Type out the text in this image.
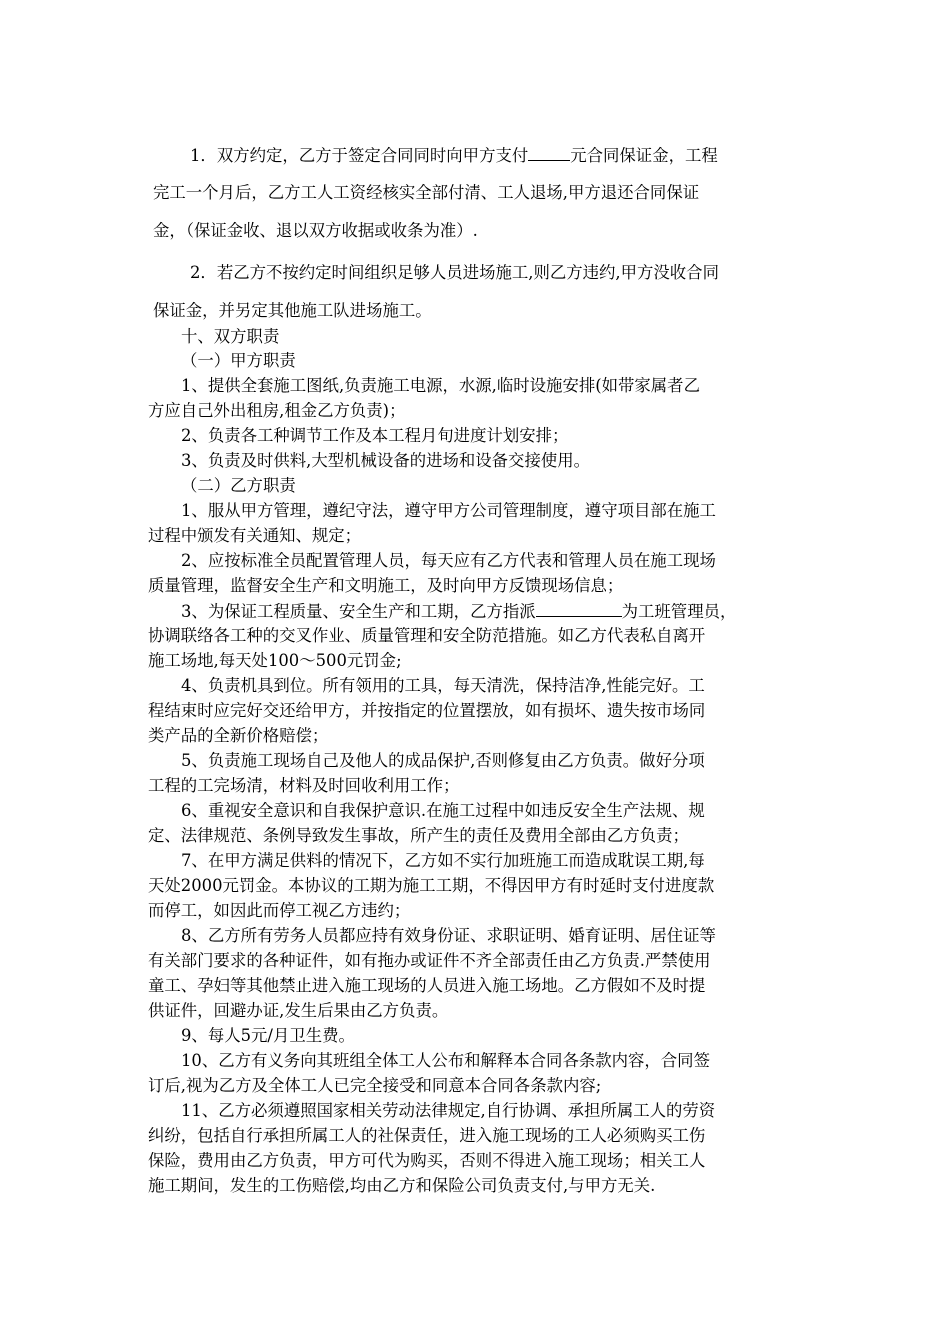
1．双方约定，乙方于签定合同同时向甲方支付	元合同保证金，工程
完工一个月后，乙方工人工资经核实全部付清、工人退场,甲方退还合同保证
金，（保证金收、退以双方收据或收条为准）.
2．若乙方不按约定时间组织足够人员进场施工,则乙方违约,甲方没收合同
保证金，并另定其他施工队进场施工。
十、双方职责
（一）甲方职责
1、提供全套施工图纸,负责施工电源，水源,临时设施安排(如带家属者乙
方应自己外出租房,租金乙方负责)；
2、负责各工种调节工作及本工程月旬进度计划安排；
3、负责及时供料,大型机械设备的进场和设备交接使用。
（二）乙方职责
1、服从甲方管理，遵纪守法，遵守甲方公司管理制度，遵守项目部在施工
过程中颁发有关通知、规定；
2、应按标准全员配置管理人员，每天应有乙方代表和管理人员在施工现场
质量管理，监督安全生产和文明施工，及时向甲方反馈现场信息；
3、为保证工程质量、安全生产和工期，乙方指派	为工班管理员，
协调联络各工种的交叉作业、质量管理和安全防范措施。如乙方代表私自离开
施工场地,每天处100～500元罚金;
4、负责机具到位。所有领用的工具，每天清洗，保持洁净,性能完好。工
程结束时应完好交还给甲方，并按指定的位置摆放，如有损坏、遗失按市场同
类产品的全新价格赔偿；
5、负责施工现场自己及他人的成品保护,否则修复由乙方负责。做好分项
工程的工完场清，材料及时回收利用工作；
6、重视安全意识和自我保护意识.在施工过程中如违反安全生产法规、规
定、法律规范、条例导致发生事故，所产生的责任及费用全部由乙方负责；
7、在甲方满足供料的情况下，乙方如不实行加班施工而造成耽误工期,每
天处2000元罚金。本协议的工期为施工工期，不得因甲方有时延时支付进度款
而停工，如因此而停工视乙方违约；
8、乙方所有劳务人员都应持有效身份证、求职证明、婚育证明、居住证等
有关部门要求的各种证件，如有拖办或证件不齐全部责任由乙方负责.严禁使用
童工、孕妇等其他禁止进入施工现场的人员进入施工场地。乙方假如不及时提
供证件，回避办证,发生后果由乙方负责。
9、每人5元/月卫生费。
10、乙方有义务向其班组全体工人公布和解释本合同各条款内容，合同签
订后,视为乙方及全体工人已完全接受和同意本合同各条款内容;
11、乙方必须遵照国家相关劳动法律规定,自行协调、承担所属工人的劳资
纠纷，包括自行承担所属工人的社保责任，进入施工现场的工人必须购买工伤
保险，费用由乙方负责，甲方可代为购买，否则不得进入施工现场；相关工人
施工期间，发生的工伤赔偿,均由乙方和保险公司负责支付,与甲方无关.
